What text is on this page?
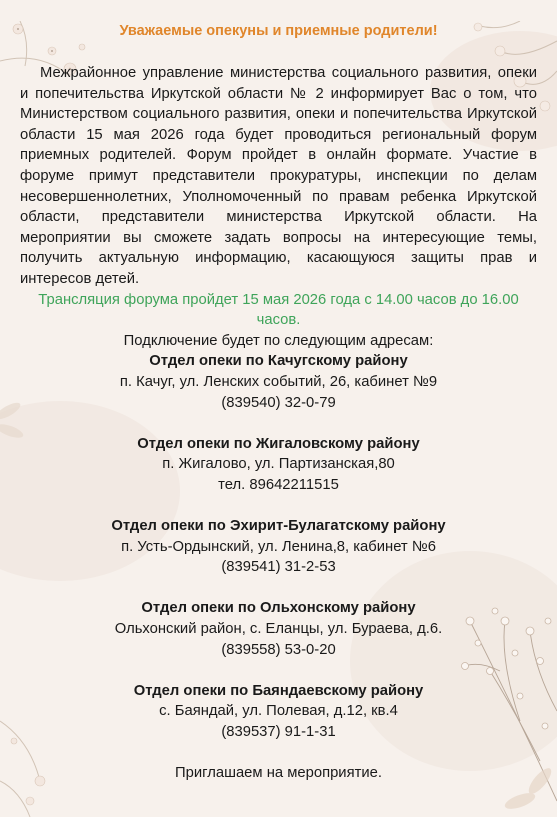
Уважаемые опекуны и приемные родители!
Межрайонное управление министерства социального развития, опеки и попечительства Иркутской области № 2 информирует Вас о том, что Министерством социального развития, опеки и попечительства Иркутской области 15 мая 2026 года будет проводиться региональный форум приемных родителей. Форум пройдет в онлайн формате. Участие в форуме примут представители прокуратуры, инспекции по делам несовершеннолетних, Уполномоченный по правам ребенка Иркутской области, представители министерства Иркутской области. На мероприятии вы сможете задать вопросы на интересующие темы, получить актуальную информацию, касающуюся защиты прав и интересов детей.
Трансляция форума пройдет 15 мая 2026 года с 14.00 часов до 16.00 часов.
Подключение будет по следующим адресам:
Отдел опеки по Качугскому району
п. Качуг, ул. Ленских событий, 26, кабинет №9
(839540) 32-0-79
Отдел опеки по Жигаловскому району
п. Жигалово, ул. Партизанская,80
тел. 89642211515
Отдел опеки по Эхирит-Булагатскому району
п. Усть-Ордынский, ул. Ленина,8, кабинет №6
(839541) 31-2-53
Отдел опеки по Ольхонскому району
Ольхонский район, с. Еланцы, ул. Бураева, д.6.
(839558) 53-0-20
Отдел опеки по Баяндаевскому району
с. Баяндай, ул. Полевая, д.12, кв.4
(839537) 91-1-31
Приглашаем на мероприятие.
